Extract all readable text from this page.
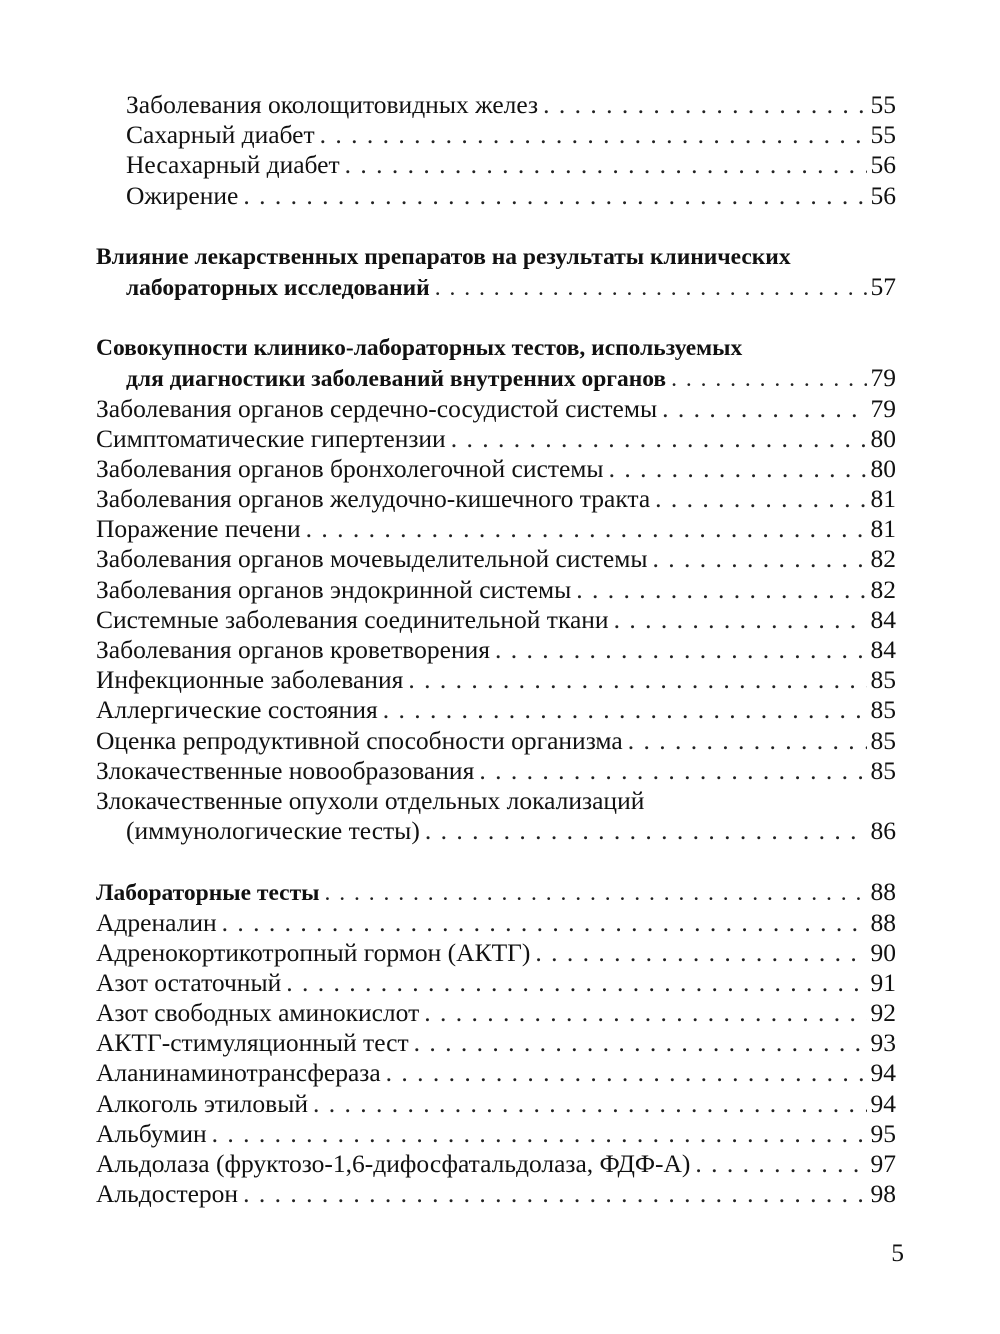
Заболевания околощитовидных желез . . .	55
Сахарный диабет . . .	55
Несахарный диабет . . .	56
Ожирение . . .	56
Влияние лекарственных препаратов на результаты клинических
лабораторных исследований . . .	57
Совокупности клинико-лабораторных тестов, используемых
для диагностики заболеваний внутренних органов . . .	79
Заболевания органов сердечно-сосудистой системы . . .	79
Симптоматические гипертензии . . .	80
Заболевания органов бронхолегочной системы . . .	80
Заболевания органов желудочно-кишечного тракта . . .	81
Поражение печени . . .	81
Заболевания органов мочевыделительной системы . . .	82
Заболевания органов эндокринной системы . . .	82
Системные заболевания соединительной ткани . . .	84
Заболевания органов кроветворения . . .	84
Инфекционные заболевания . . .	85
Аллергические состояния . . .	85
Оценка репродуктивной способности организма . . .	85
Злокачественные новообразования . . .	85
Злокачественные опухоли отдельных локализаций
(иммунологические тесты) . . .	86
Лабораторные тесты . . .	88
Адреналин . . .	88
Адренокортикотропный гормон (АКТГ) . . .	90
Азот остаточный . . .	91
Азот свободных аминокислот . . .	92
АКТГ-стимуляционный тест . . .	93
Аланинаминотрансфераза . . .	94
Алкоголь этиловый . . .	94
Альбумин . . .	95
Альдолаза (фруктозо-1,6-дифосфатальдолаза, ФДФ-А) . . .	97
Альдостерон . . .	98
5
